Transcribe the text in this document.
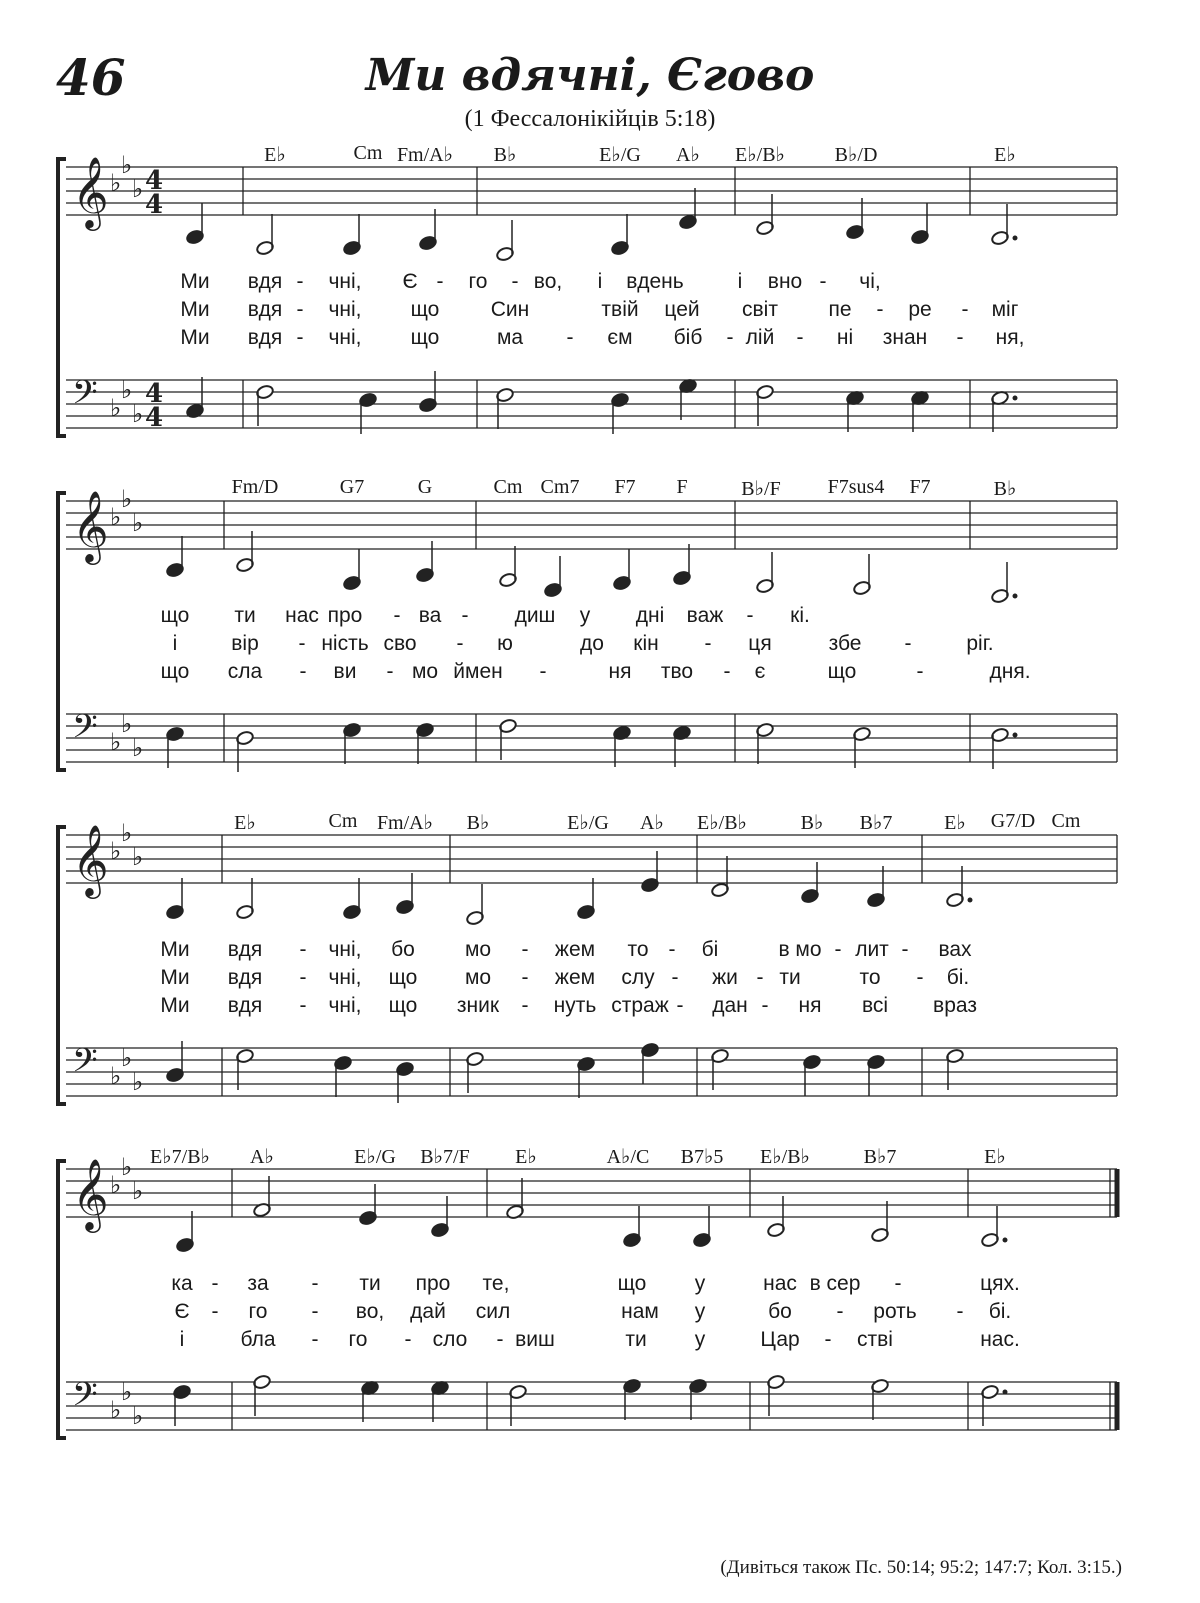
46	Ми вдячні, Єгово
(1 Фессалонікійців 5:18)
𝄞 ♭
♭
♭
𝄢 ♭
♭
♭
4
4
4
4
E♭	Cm Fm/A♭ B♭	E♭/G A♭ E♭/B♭ B♭/D	E♭
Ми вдя - чні, Є - го - во, і вдень	і вно - чі,
Ми вдя - чні, що Син	твій цей світ пе - ре - міг
Ми вдя - чні, що	ма - єм біб - лій - ні знан - ня,
𝄞 ♭
♭
♭
𝄢 ♭
♭
♭
Fm/D	G7	G	Cm Cm7 F7 F	B♭/F F7sus4 F7	B♭
що ти нас про - ва - диш у дні важ - кі.
і	вір - ність сво - ю	до кін - ця	збе -	ріг.
що сла - ви - мо ймен -	ня тво - є	що	-	дня.
𝄞 ♭
♭
♭
𝄢 ♭
♭
♭
E♭	Cm Fm/A♭ B♭	E♭/G A♭ E♭/B♭	B♭ B♭7	E♭ G7/D Cm
Ми вдя - чні, бо мо - жем то - бі	в мо - лит - вах
Ми вдя - чні, що мо - жем слу - жи - ти	то - бі.
Ми вдя - чні, що зник - нуть страж - дан - ня всі враз
𝄞 ♭
♭
♭
𝄢 ♭
♭
♭
E♭7/B♭ A♭	E♭/G B♭7/F E♭	A♭/C B7♭5 E♭/B♭	B♭7	E♭
ка - за - ти про те,	що у	нас в сер -	цях.
Є - го - во, дай сил	нам у	бо - роть - бі.
і	бла - го - сло - виш	ти у	Цар - стві	нас.
(Дивіться також Пс. 50:14; 95:2; 147:7; Кол. 3:15.)
